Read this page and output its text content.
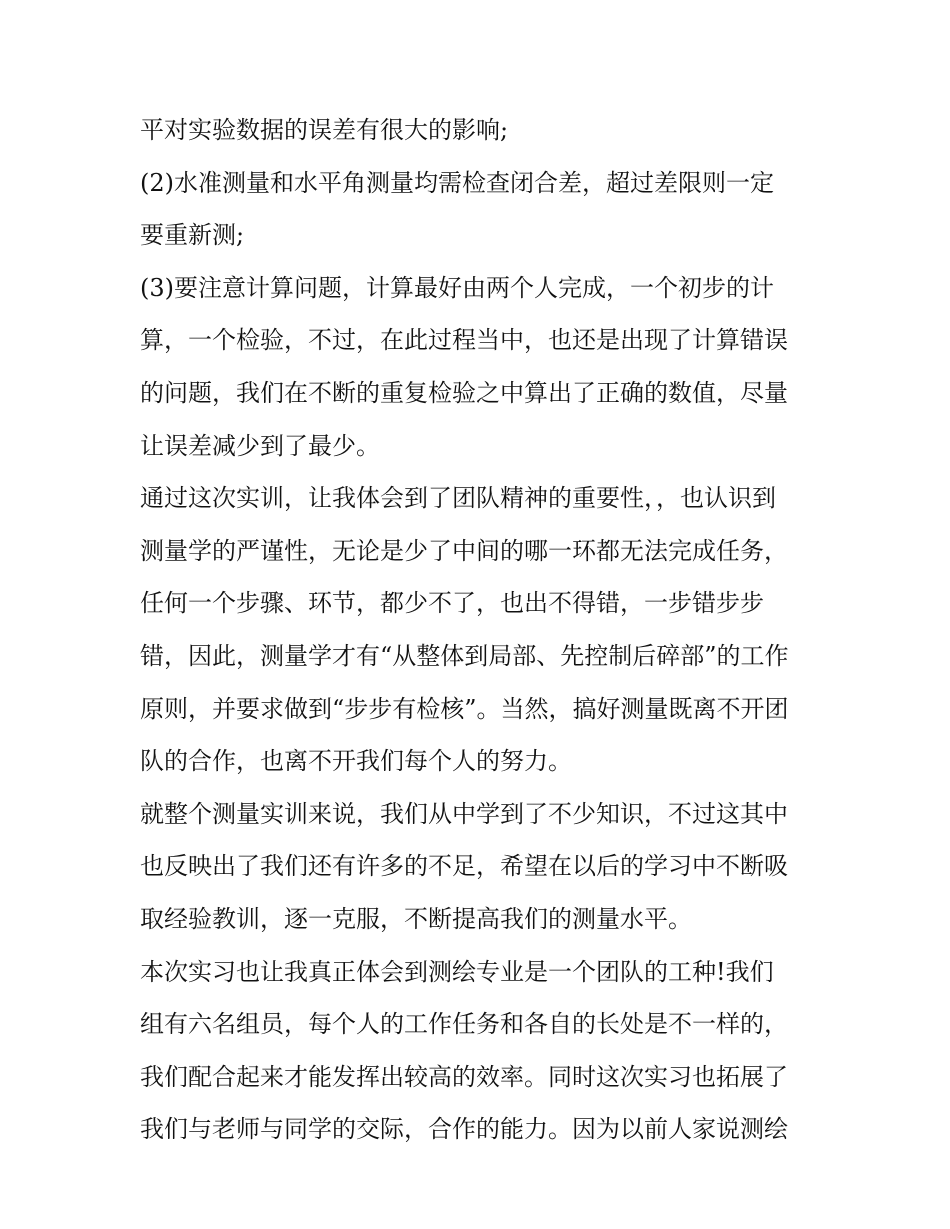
平对实验数据的误差有很大的影响;
(2)水准测量和水平角测量均需检查闭合差，超过差限则一定
要重新测;
(3)要注意计算问题，计算最好由两个人完成，一个初步的计
算，一个检验，不过，在此过程当中，也还是出现了计算错误
的问题，我们在不断的重复检验之中算出了正确的数值，尽量
让误差减少到了最少。
通过这次实训，让我体会到了团队精神的重要性，，也认识到
测量学的严谨性，无论是少了中间的哪一环都无法完成任务，
任何一个步骤、环节，都少不了，也出不得错，一步错步步
错，因此，测量学才有“从整体到局部、先控制后碎部”的工作
原则，并要求做到“步步有检核”。当然，搞好测量既离不开团
队的合作，也离不开我们每个人的努力。
就整个测量实训来说，我们从中学到了不少知识，不过这其中
也反映出了我们还有许多的不足，希望在以后的学习中不断吸
取经验教训，逐一克服，不断提高我们的测量水平。
本次实习也让我真正体会到测绘专业是一个团队的工种!我们
组有六名组员，每个人的工作任务和各自的长处是不一样的，
我们配合起来才能发挥出较高的效率。同时这次实习也拓展了
我们与老师与同学的交际，合作的能力。因为以前人家说测绘
